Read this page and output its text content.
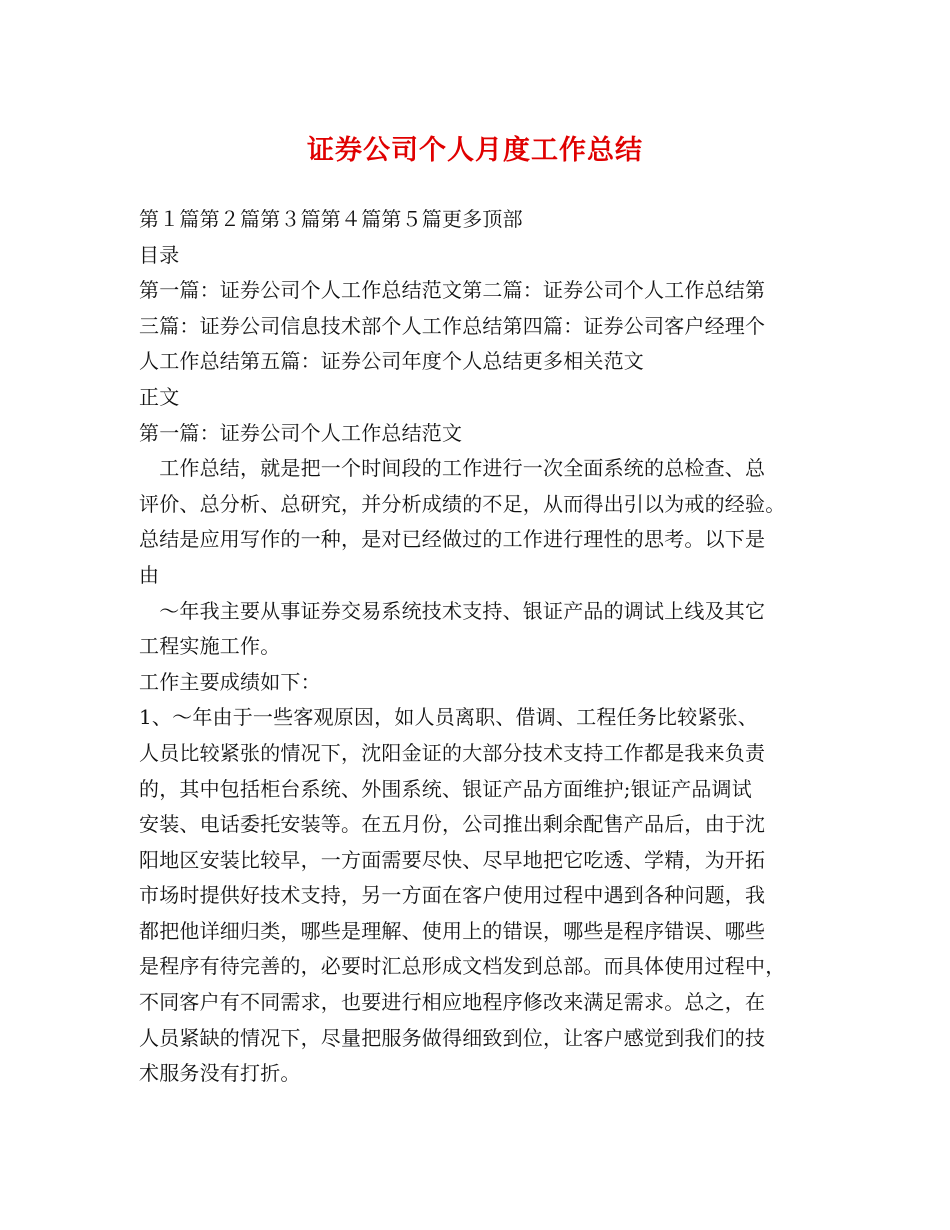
证券公司个人月度工作总结
第１篇第２篇第３篇第４篇第５篇更多顶部
目录
第一篇：证券公司个人工作总结范文第二篇：证券公司个人工作总结第
三篇：证券公司信息技术部个人工作总结第四篇：证券公司客户经理个
人工作总结第五篇：证券公司年度个人总结更多相关范文
正文
第一篇：证券公司个人工作总结范文
　工作总结，就是把一个时间段的工作进行一次全面系统的总检查、总
评价、总分析、总研究，并分析成绩的不足，从而得出引以为戒的经验。
总结是应用写作的一种，是对已经做过的工作进行理性的思考。以下是
由
　～年我主要从事证券交易系统技术支持、银证产品的调试上线及其它
工程实施工作。
工作主要成绩如下：
1、～年由于一些客观原因，如人员离职、借调、工程任务比较紧张、
人员比较紧张的情况下，沈阳金证的大部分技术支持工作都是我来负责
的，其中包括柜台系统、外围系统、银证产品方面维护;银证产品调试
安装、电话委托安装等。在五月份，公司推出剩余配售产品后，由于沈
阳地区安装比较早，一方面需要尽快、尽早地把它吃透、学精，为开拓
市场时提供好技术支持，另一方面在客户使用过程中遇到各种问题，我
都把他详细归类，哪些是理解、使用上的错误，哪些是程序错误、哪些
是程序有待完善的，必要时汇总形成文档发到总部。而具体使用过程中，
不同客户有不同需求，也要进行相应地程序修改来满足需求。总之，在
人员紧缺的情况下，尽量把服务做得细致到位，让客户感觉到我们的技
术服务没有打折。
